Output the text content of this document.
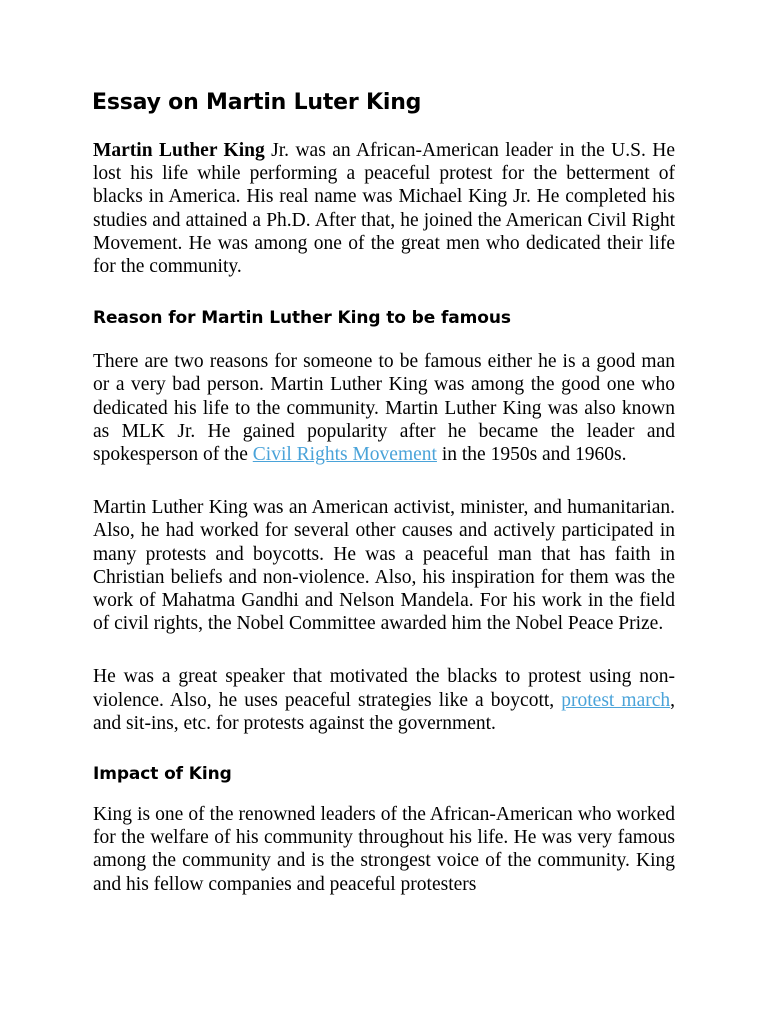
Essay on Martin Luter King

Martin Luther King Jr. was an African-American leader in the U.S. He lost his life while performing a peaceful protest for the betterment of blacks in America. His real name was Michael King Jr. He completed his studies and attained a Ph.D. After that, he joined the American Civil Right Movement. He was among one of the great men who dedicated their life for the community.

Reason for Martin Luther King to be famous

There are two reasons for someone to be famous either he is a good man or a very bad person. Martin Luther King was among the good one who dedicated his life to the community. Martin Luther King was also known as MLK Jr. He gained popularity after he became the leader and spokesperson of the Civil Rights Movement in the 1950s and 1960s.

Martin Luther King was an American activist, minister, and humanitarian. Also, he had worked for several other causes and actively participated in many protests and boycotts. He was a peaceful man that has faith in Christian beliefs and non-violence. Also, his inspiration for them was the work of Mahatma Gandhi and Nelson Mandela. For his work in the field of civil rights, the Nobel Committee awarded him the Nobel Peace Prize.

He was a great speaker that motivated the blacks to protest using non-violence. Also, he uses peaceful strategies like a boycott, protest march, and sit-ins, etc. for protests against the government.

Impact of King

King is one of the renowned leaders of the African-American who worked for the welfare of his community throughout his life. He was very famous among the community and is the strongest voice of the community. King and his fellow companies and peaceful protesters
